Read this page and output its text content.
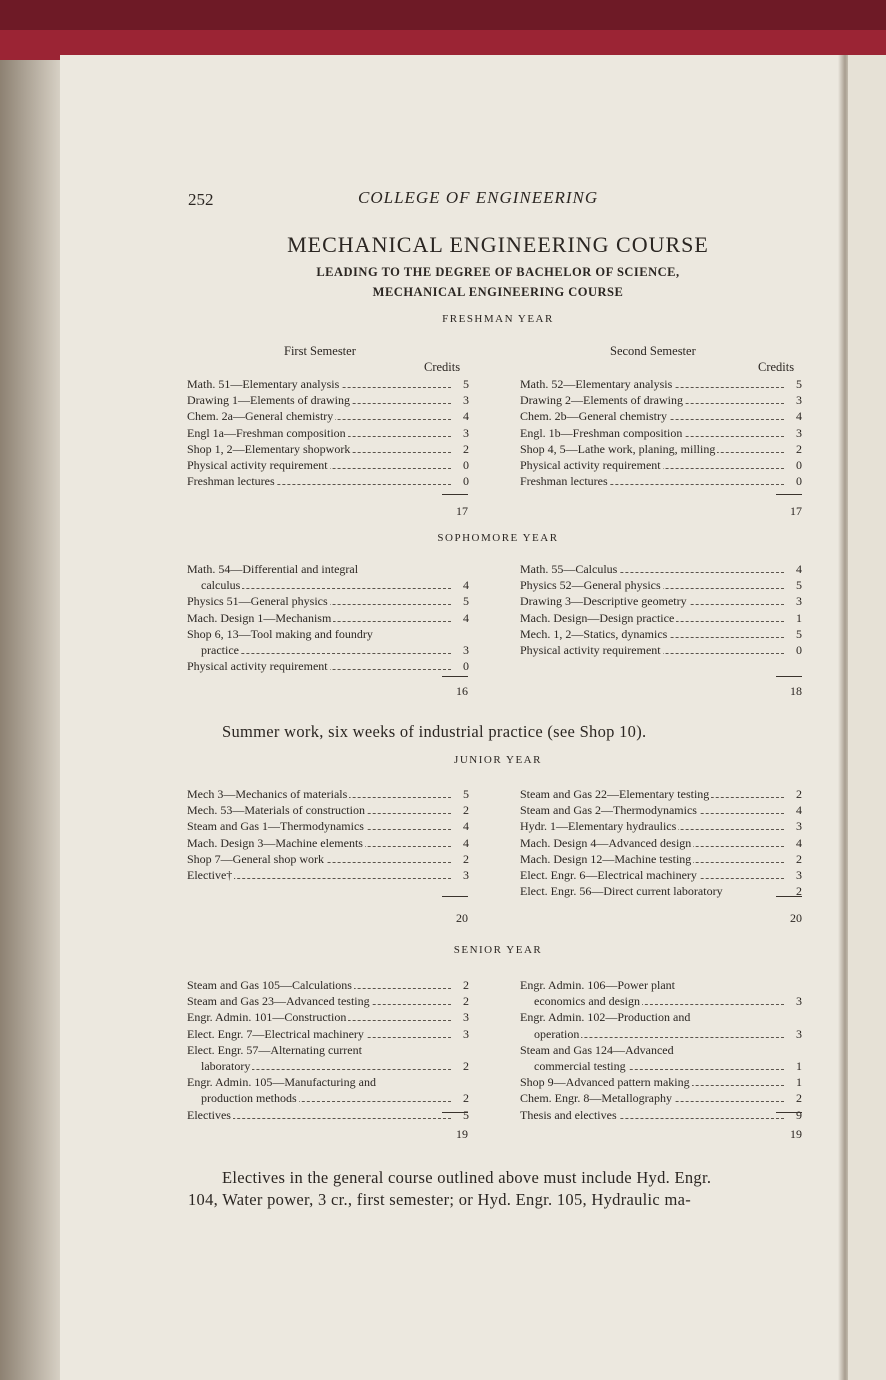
252	COLLEGE OF ENGINEERING
MECHANICAL ENGINEERING COURSE
LEADING TO THE DEGREE OF BACHELOR OF SCIENCE,
MECHANICAL ENGINEERING COURSE
FRESHMAN YEAR
First Semester	Second Semester
Credits	Credits
Math. 51—Elementary analysis	5
Drawing 1—Elements of drawing	3
Chem. 2a—General chemistry	4
Engl 1a—Freshman composition	3
Shop 1, 2—Elementary shopwork	2
Physical activity requirement	0
Freshman lectures	0
Math. 52—Elementary analysis	5
Drawing 2—Elements of drawing	3
Chem. 2b—General chemistry	4
Engl. 1b—Freshman composition	3
Shop 4, 5—Lathe work, planing, milling	2
Physical activity requirement	0
Freshman lectures	0
17	17
SOPHOMORE YEAR
Math. 54—Differential and integral
calculus	4
Physics 51—General physics	5
Mach. Design 1—Mechanism	4
Shop 6, 13—Tool making and foundry
practice	3
Physical activity requirement	0
Math. 55—Calculus	4
Physics 52—General physics	5
Drawing 3—Descriptive geometry	3
Mach. Design—Design practice	1
Mech. 1, 2—Statics, dynamics	5
Physical activity requirement	0
16	18
Summer work, six weeks of industrial practice (see Shop 10).
JUNIOR YEAR
Mech 3—Mechanics of materials	5
Mech. 53—Materials of construction	2
Steam and Gas 1—Thermodynamics	4
Mach. Design 3—Machine elements	4
Shop 7—General shop work	2
Elective†	3
Steam and Gas 22—Elementary testing	2
Steam and Gas 2—Thermodynamics	4
Hydr. 1—Elementary hydraulics	3
Mach. Design 4—Advanced design	4
Mach. Design 12—Machine testing	2
Elect. Engr. 6—Electrical machinery	3
Elect. Engr. 56—Direct current laboratory	2
20	20
SENIOR YEAR
Steam and Gas 105—Calculations	2
Steam and Gas 23—Advanced testing	2
Engr. Admin. 101—Construction	3
Elect. Engr. 7—Electrical machinery	3
Elect. Engr. 57—Alternating current
laboratory	2
Engr. Admin. 105—Manufacturing and
production methods	2
Electives	5
Engr. Admin. 106—Power plant
economics and design	3
Engr. Admin. 102—Production and
operation	3
Steam and Gas 124—Advanced
commercial testing	1
Shop 9—Advanced pattern making	1
Chem. Engr. 8—Metallography	2
Thesis and electives	9
19	19
Electives in the general course outlined above must include Hyd. Engr.
104, Water power, 3 cr., first semester; or Hyd. Engr. 105, Hydraulic ma-
